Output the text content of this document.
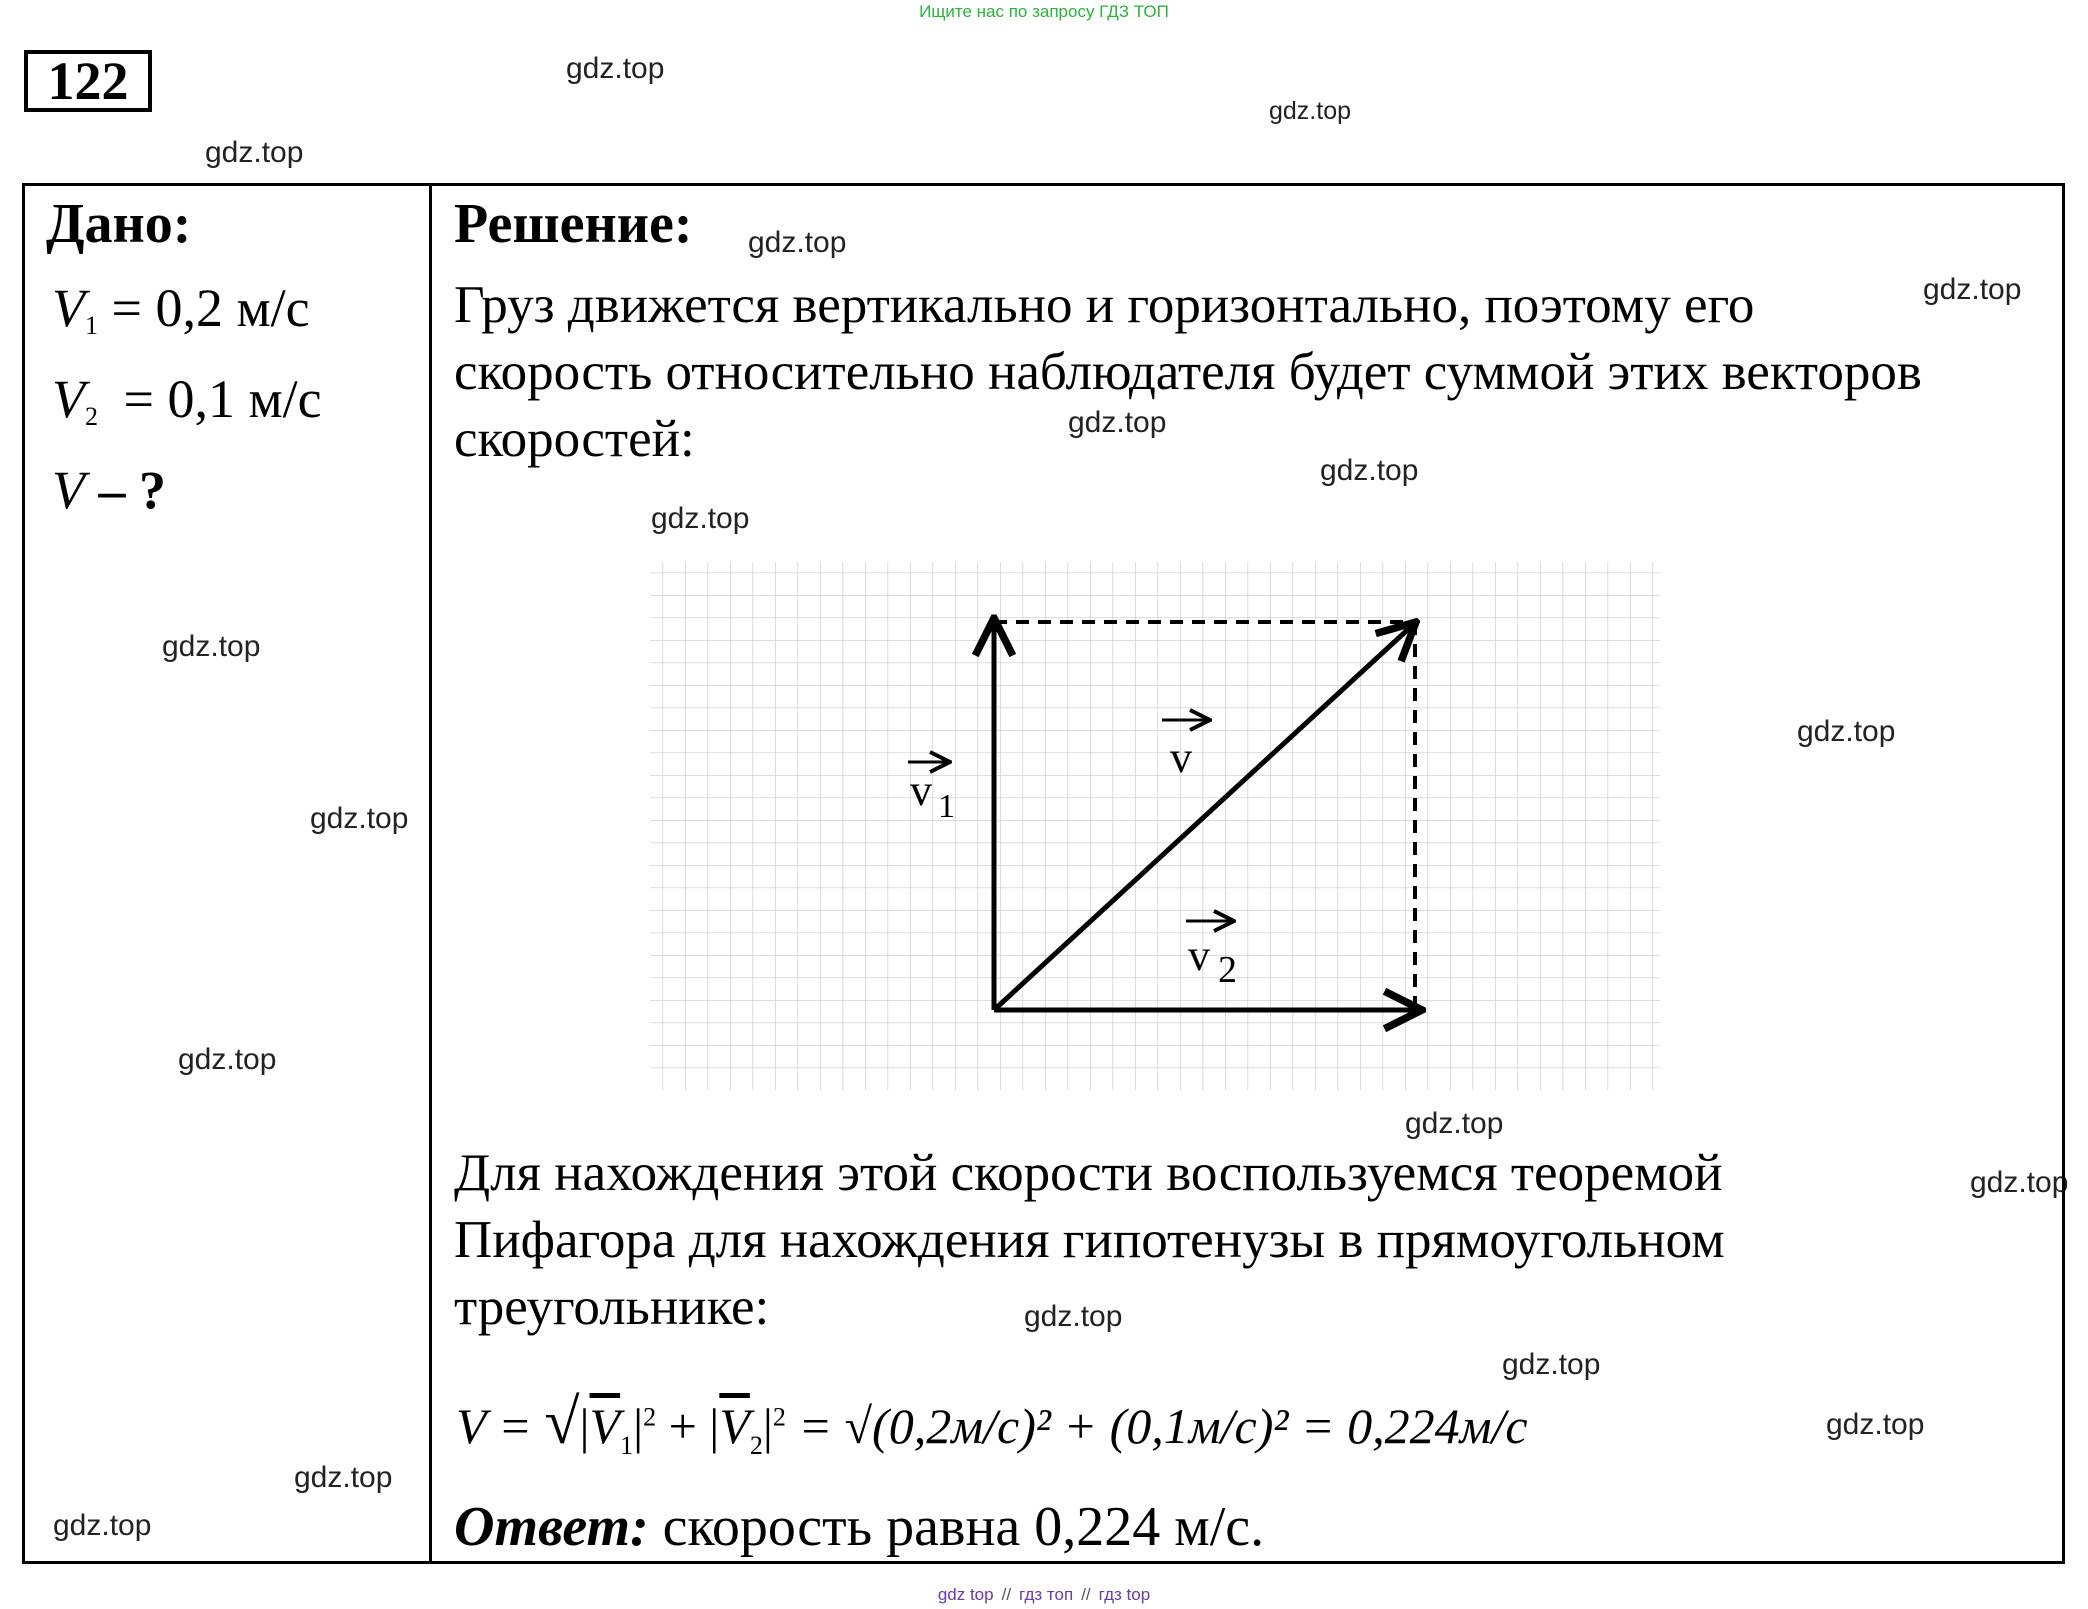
Ищите нас по запросу ГДЗ ТОП
122	gdz.top
gdz.top
gdz.top
gdz.top
gdz.top
gdz.top
gdz.top
gdz.top
gdz.top
gdz.top
gdz.top
gdz.top
gdz.top
gdz.top
gdz.top
gdz.top
gdz.top
gdz.top
gdz.top
Дано:
$V_1 = 0,2$ м/с
$V_2 = 0,1$ м/с
V – ?
Решение:
Груз движется вертикально и горизонтально, поэтому его скорость относительно наблюдателя будет суммой этих векторов скоростей:
v $_1$
v
v 2
Для нахождения этой скорости воспользуемся теоремой Пифагора для нахождения гипотенузы в прямоугольном треугольнике:
$V = √|\overline{V}_1|^2 + |\overline{V}_2|^2 = √(0,2м/с)^2 + (0,1м/с)^2 = 0,224м/с$
Ответ: скорость равна 0,224 м/с.
gdz top // гдз топ // гдз top
